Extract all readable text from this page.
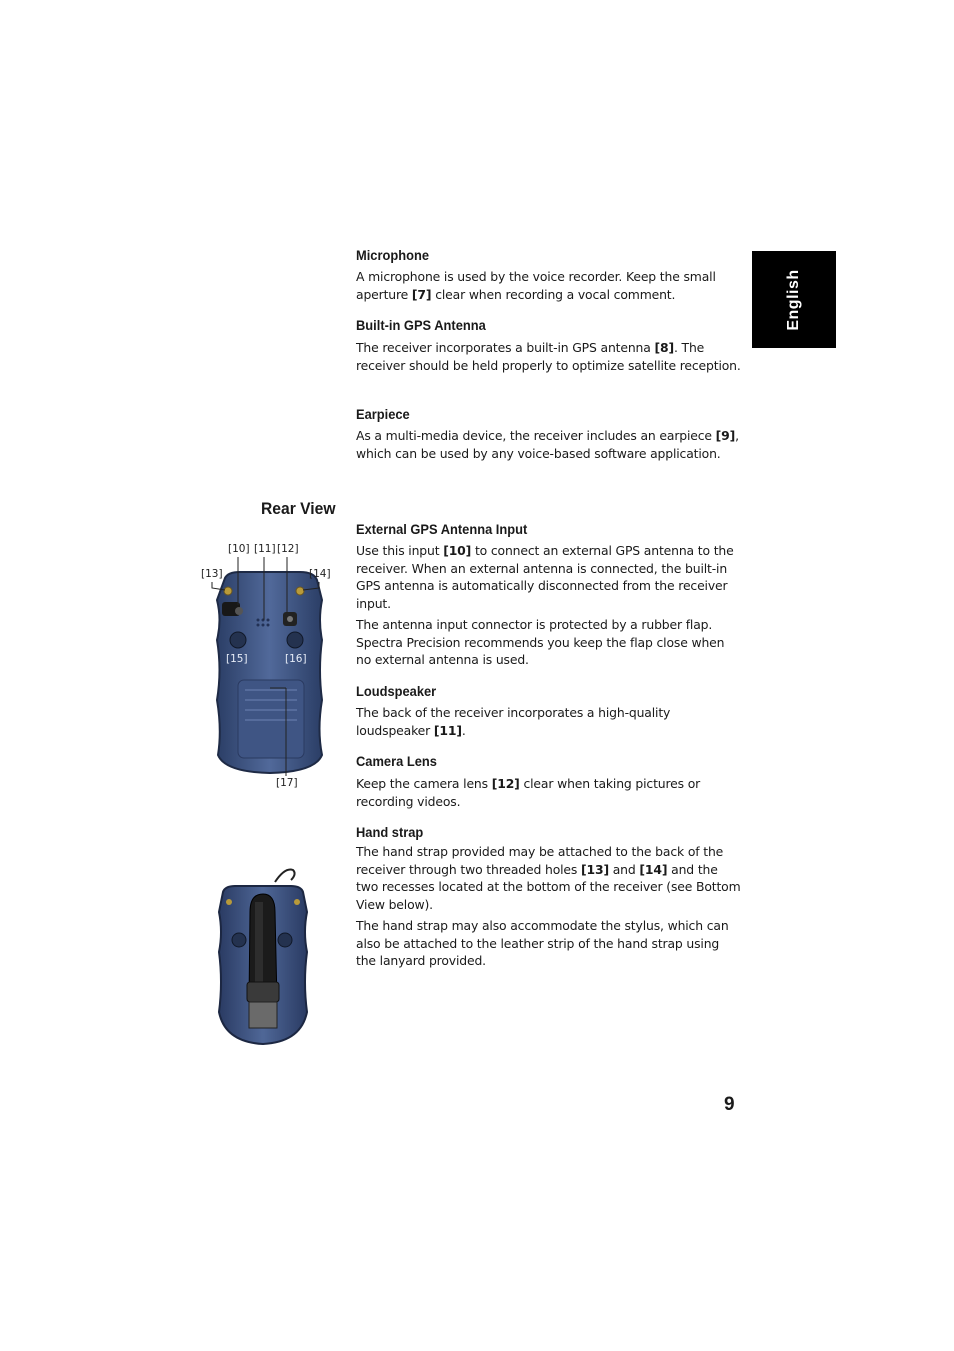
English
Microphone
A microphone is used by the voice recorder. Keep the small aperture [7] clear when recording a vocal comment.
Built-in GPS Antenna
The receiver incorporates a built-in GPS antenna [8]. The receiver should be held properly to optimize satellite reception.
Earpiece
As a multi-media device, the receiver includes an earpiece [9], which can be used by any voice-based software application.
Rear View
External GPS Antenna Input
Use this input [10] to connect an external GPS antenna to the receiver. When an external antenna is connected, the built-in GPS antenna is automatically disconnected from the receiver input.
The antenna input connector is protected by a rubber flap. Spectra Precision recommends you keep the flap close when no external antenna is used.
Loudspeaker
The back of the receiver incorporates a high-quality loudspeaker [11].
Camera Lens
Keep the camera lens [12] clear when taking pictures or recording videos.
Hand strap
The hand strap provided may be attached to the back of the receiver through two threaded holes [13] and [14] and the two recesses located at the bottom of the receiver (see Bottom View below).
The hand strap may also accommodate the stylus, which can also be attached to the leather strip of the hand strap using the lanyard provided.
[10] [11] [12]
[13]	[14]
[15]	[16]
[17]
9
